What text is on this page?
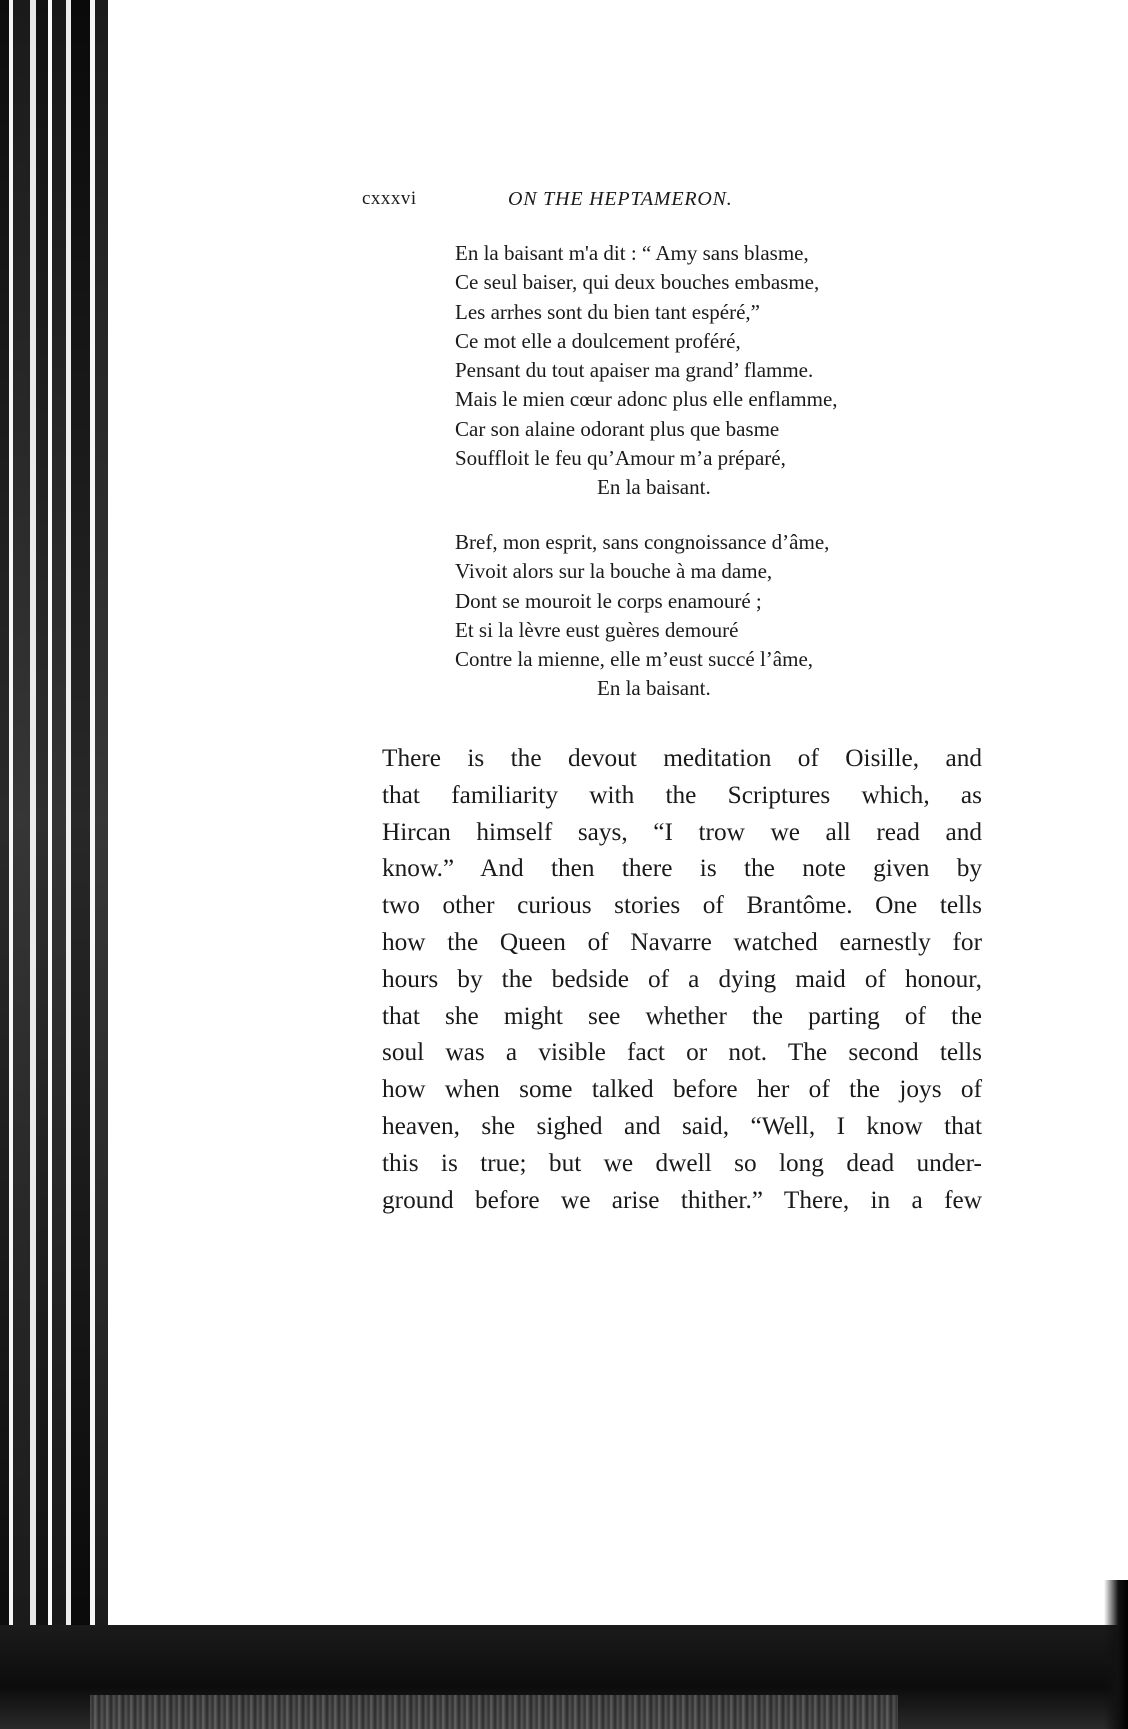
cxxxvi	ON THE HEPTAMERON.
En la baisant m'a dit : “ Amy sans blasme,
Ce seul baiser, qui deux bouches embasme,
Les arrhes sont du bien tant espéré,”
Ce mot elle a doulcement proféré,
Pensant du tout apaiser ma grand’ flamme.
Mais le mien cœur adonc plus elle enflamme,
Car son alaine odorant plus que basme
Souffloit le feu qu’Amour m’a préparé,
En la baisant.
Bref, mon esprit, sans congnoissance d’âme,
Vivoit alors sur la bouche à ma dame,
Dont se mouroit le corps enamouré ;
Et si la lèvre eust guères demouré
Contre la mienne, elle m’eust succé l’âme,
En la baisant.
There is the devout meditation of Oisille, and
that familiarity with the Scriptures which, as
Hircan himself says, “I trow we all read and
know.” And then there is the note given by
two other curious stories of Brantôme. One tells
how the Queen of Navarre watched earnestly for
hours by the bedside of a dying maid of honour,
that she might see whether the parting of the
soul was a visible fact or not. The second tells
how when some talked before her of the joys of
heaven, she sighed and said, “Well, I know that
this is true; but we dwell so long dead under-
ground before we arise thither.” There, in a few
